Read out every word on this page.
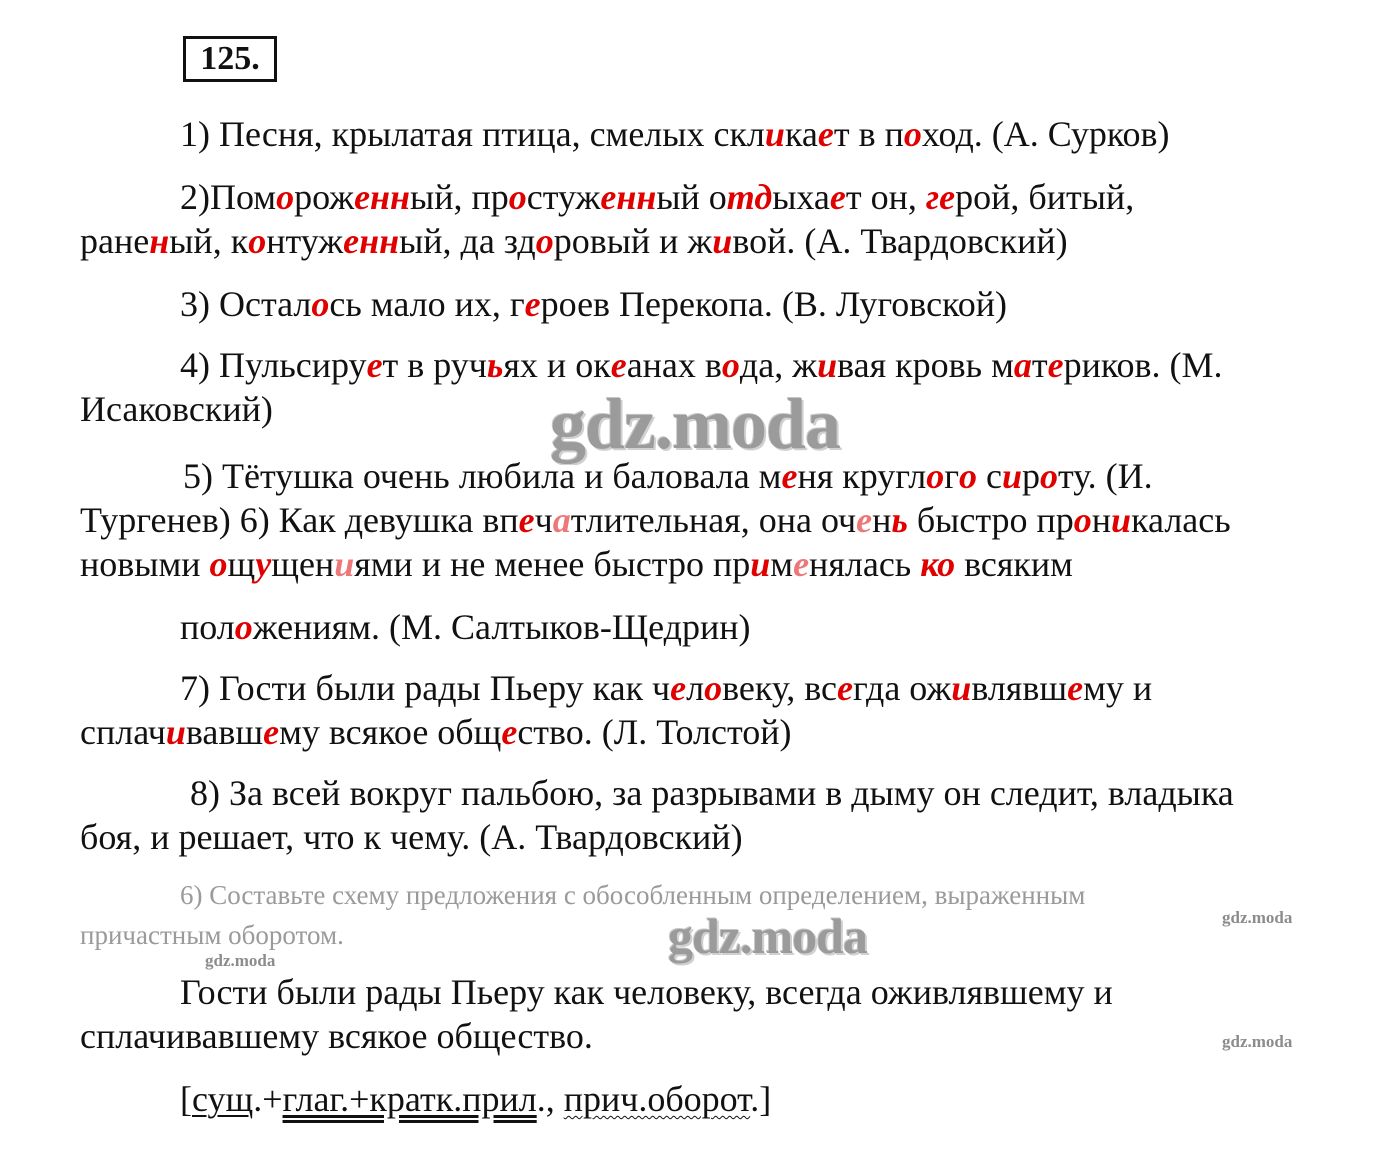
125.
1) Песня, крылатая птица, смелых скликает в поход. (А. Сурков)
2)Помороженный, простуженный отдыхает он, герой, битый,
раненый, контуженный, да здоровый и живой. (А. Твардовский)
3) Осталось мало их, героев Перекопа. (В. Луговской)
4) Пульсирует в ручьях и океанах вода, живая кровь материков. (М.
Исаковский)	gdz.moda
5) Тётушка очень любила и баловала меня круглого сироту. (И.
Тургенев) 6) Как девушка впечатлительная, она очень быстро проникалась
новыми ощущениями и не менее быстро применялась ко всяким
положениям. (М. Салтыков-Щедрин)
7) Гости были рады Пьеру как человеку, всегда оживлявшему и
сплачивавшему всякое общество. (Л. Толстой)
8) За всей вокруг пальбою, за разрывами в дыму он следит, владыка
боя, и решает, что к чему. (А. Твардовский)
6) Составьте схему предложения с обособленным определением, выраженным
причастным оборотом.	gdz.moda	gdz.moda
gdz.moda
gdz.moda
Гости были рады Пьеру как человеку, всегда оживлявшему и
сплачивавшему всякое общество.
[сущ.+глаг.+кратк.прил., прич.оборот.]
